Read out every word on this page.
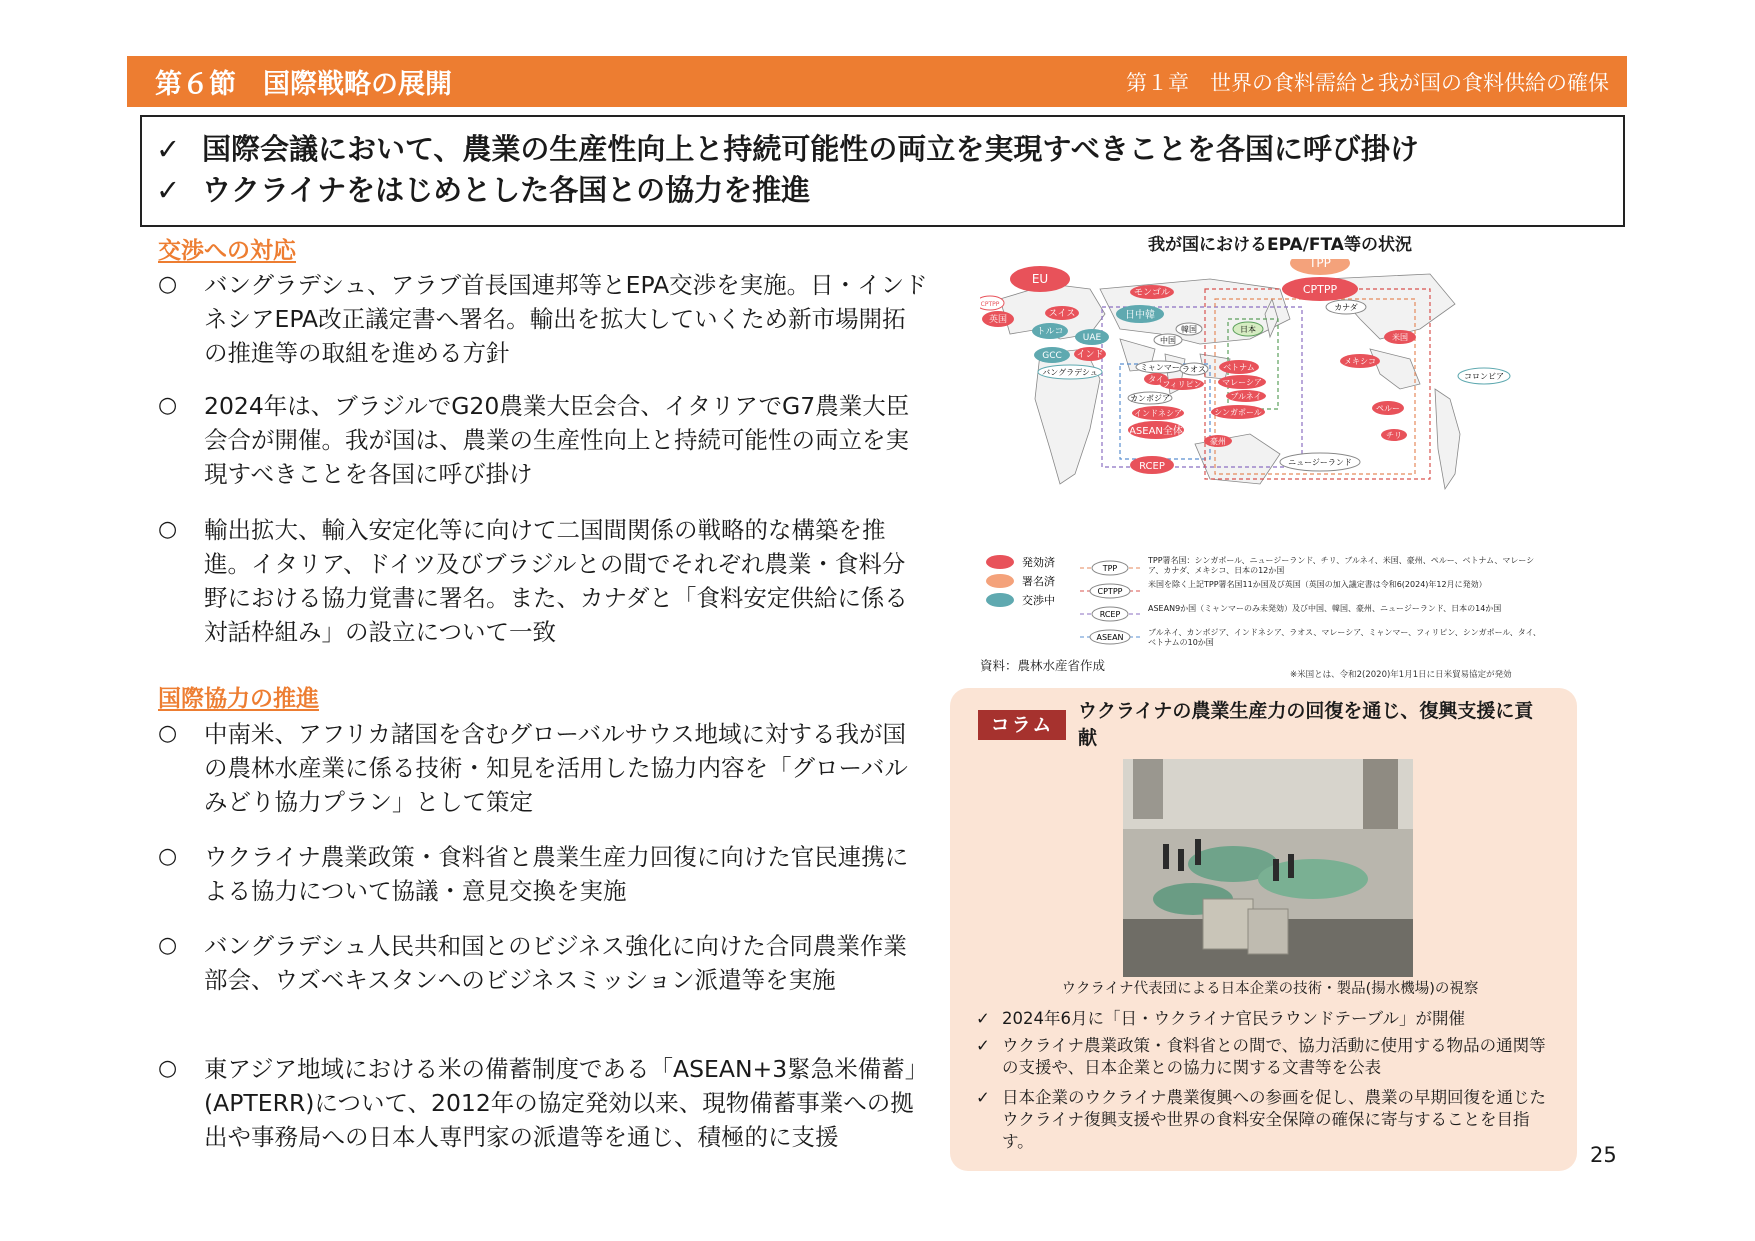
第６節　国際戦略の展開	第１章　世界の食料需給と我が国の食料供給の確保
✓ 国際会議において、農業の生産性向上と持続可能性の両立を実現すべきことを各国に呼び掛け
✓ ウクライナをはじめとした各国との協力を推進
交渉への対応
○	バングラデシュ、アラブ首長国連邦等とEPA交渉を実施。日・インドネシアEPA改正議定書へ署名。輸出を拡大していくため新市場開拓の推進等の取組を進める方針
○	2024年は、ブラジルでG20農業大臣会合、イタリアでG7農業大臣会合が開催。我が国は、農業の生産性向上と持続可能性の両立を実現すべきことを各国に呼び掛け
○	輸出拡大、輸入安定化等に向けて二国間関係の戦略的な構築を推進。イタリア、ドイツ及びブラジルとの間でそれぞれ農業・食料分野における協力覚書に署名。また、カナダと「食料安定供給に係る対話枠組み」の設立について一致
国際協力の推進
○	中南米、アフリカ諸国を含むグローバルサウス地域に対する我が国の農林水産業に係る技術・知見を活用した協力内容を「グローバルみどり協力プラン」として策定
○	ウクライナ農業政策・食料省と農業生産力回復に向けた官民連携による協力について協議・意見交換を実施
○	バングラデシュ人民共和国とのビジネス強化に向けた合同農業作業部会、ウズベキスタンへのビジネスミッション派遣等を実施
○	東アジア地域における米の備蓄制度である「ASEAN+3緊急米備蓄」(APTERR)について、2012年の協定発効以来、現物備蓄事業への拠出や事務局への日本人専門家の派遣等を通じ、積極的に支援
我が国におけるEPA/FTA等の状況
EU
CPTPP
英国
スイス
トルコ
UAE
GCC インド
バングラデシュ
モンゴル
日中韓
韓国
中国
日本
ミャンマー ラオス
タイ
ベトナム
フィリピン
カンボジア
マレーシア
ブルネイ
インドネシア	シンガポール
ASEAN全体
豪州
RCEP	ニュージーランド
TPP
CPTPP
カナダ
米国
メキシコ
コロンビア
ペルー
チリ
発効済
署名済
交渉中
TPP
TPP署名国：シンガポール、ニュージーランド、チリ、ブルネイ、米国、豪州、ペルー、ベトナム、マレーシア、カナダ、メキシコ、日本の12か国
CPTPP
米国を除く上記TPP署名国11か国及び英国（英国の加入議定書は令和6(2024)年12月に発効）
RCEP
ASEAN9か国（ミャンマーのみ未発効）及び中国、韓国、豪州、ニュージーランド、日本の14か国
ASEAN
ブルネイ、カンボジア、インドネシア、ラオス、マレーシア、ミャンマー、フィリピン、シンガポール、タイ、ベトナムの10か国
資料：農林水産省作成
※米国とは、令和2(2020)年1月1日に日米貿易協定が発効
コラム
ウクライナの農業生産力の回復を通じ、復興支援に貢献
ウクライナ代表団による日本企業の技術・製品(揚水機場)の視察
✓ 2024年6月に「日・ウクライナ官民ラウンドテーブル」が開催
✓ ウクライナ農業政策・食料省との間で、協力活動に使用する物品の通関等の支援や、日本企業との協力に関する文書等を公表
✓ 日本企業のウクライナ農業復興への参画を促し、農業の早期回復を通じたウクライナ復興支援や世界の食料安全保障の確保に寄与することを目指す。
25
